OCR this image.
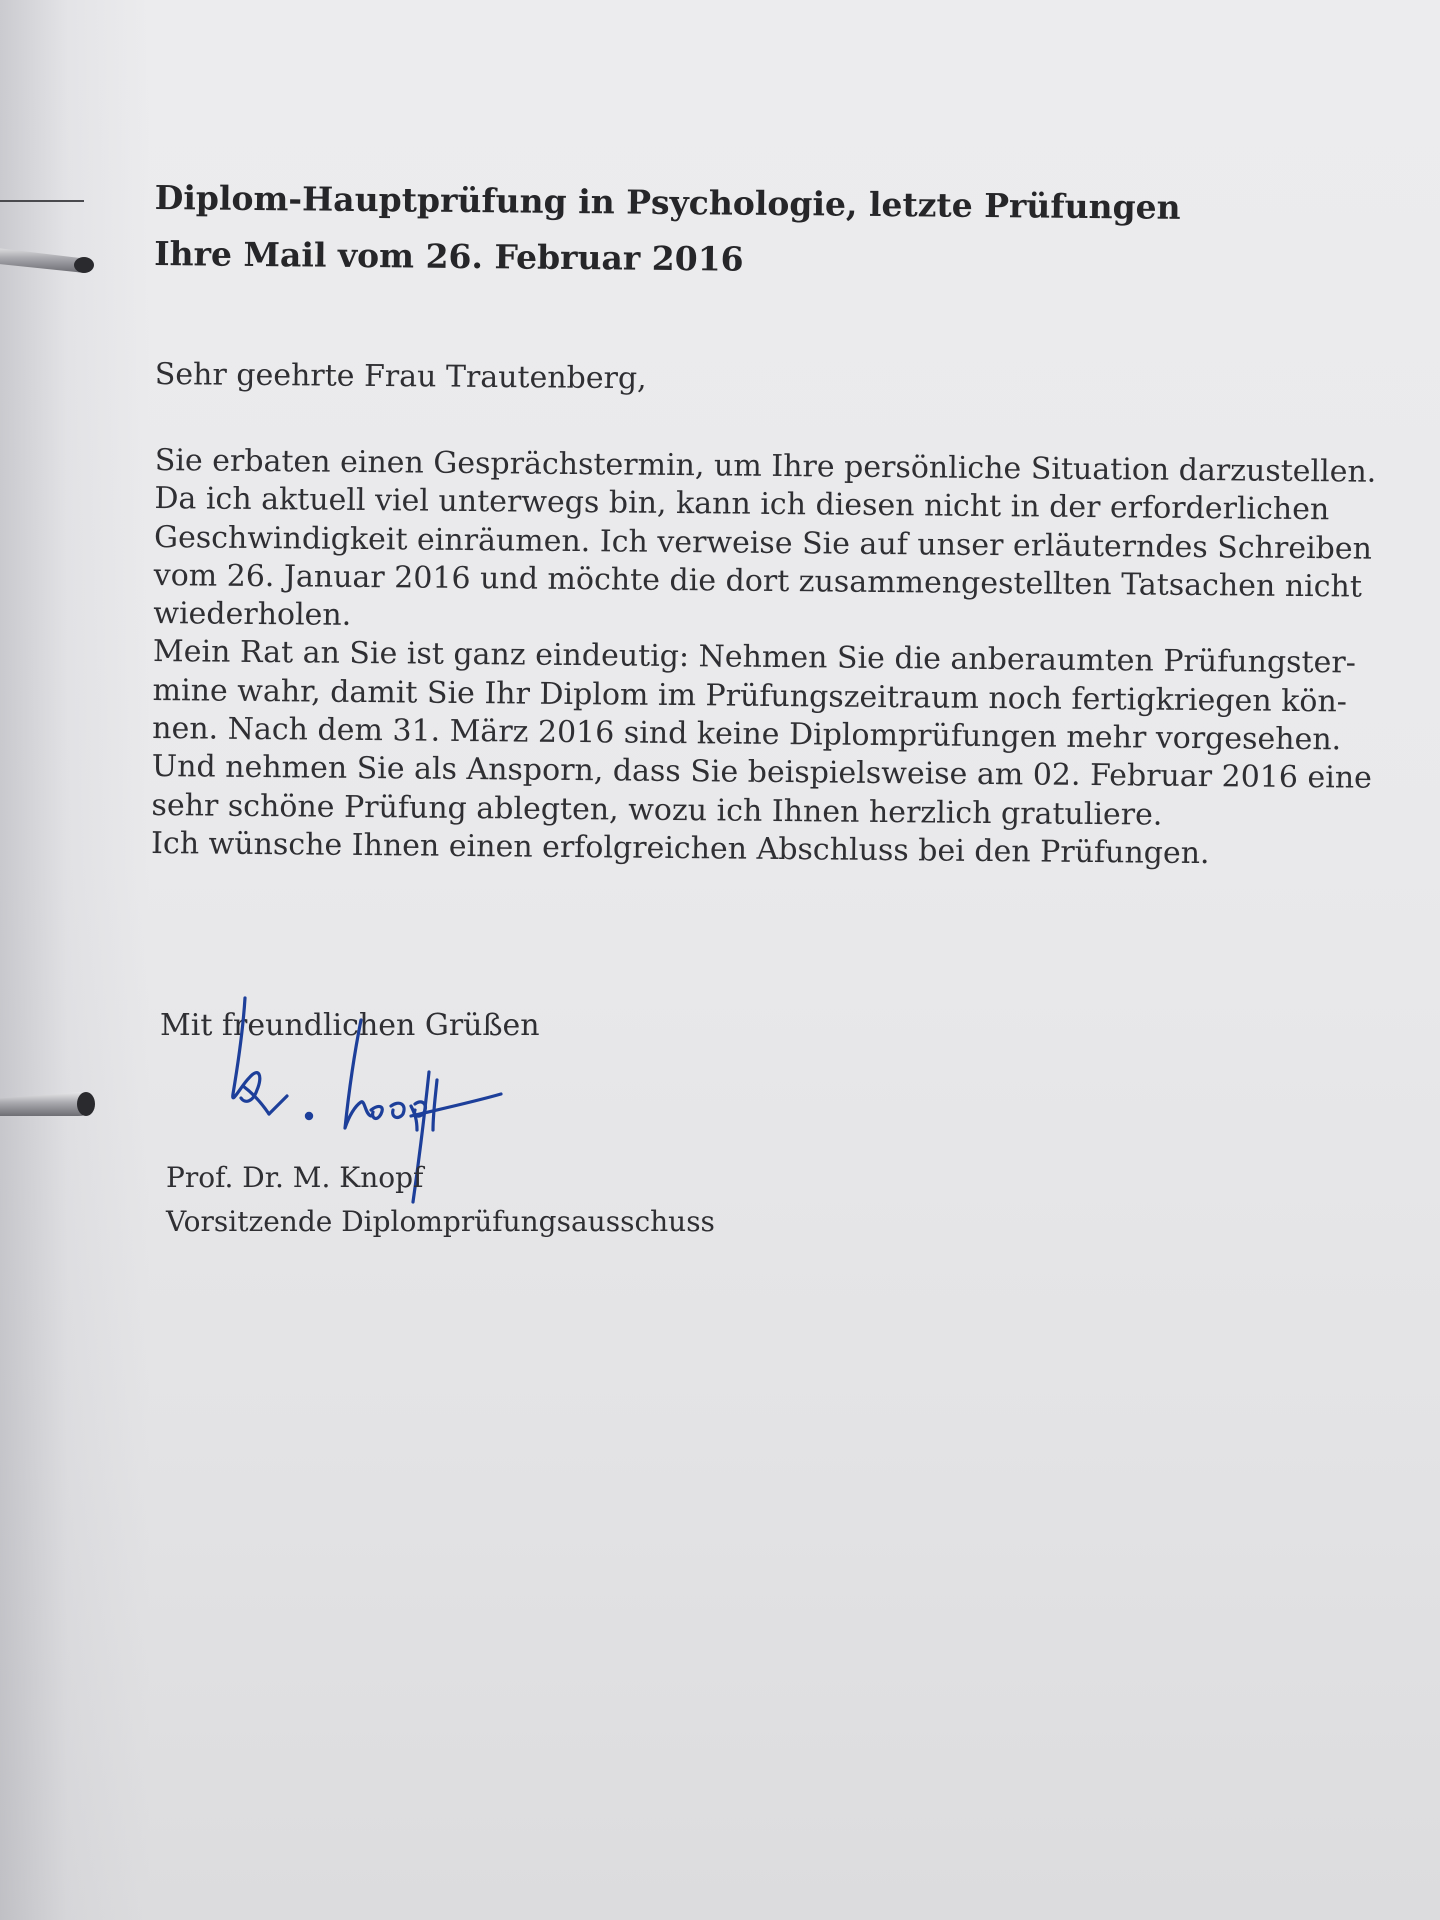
Diplom-Hauptprüfung in Psychologie, letzte Prüfungen
Ihre Mail vom 26. Februar 2016
Sehr geehrte Frau Trautenberg,
Sie erbaten einen Gesprächstermin, um Ihre persönliche Situation darzustellen.
Da ich aktuell viel unterwegs bin, kann ich diesen nicht in der erforderlichen
Geschwindigkeit einräumen. Ich verweise Sie auf unser erläuterndes Schreiben
vom 26. Januar 2016 und möchte die dort zusammengestellten Tatsachen nicht
wiederholen.
Mein Rat an Sie ist ganz eindeutig: Nehmen Sie die anberaumten Prüfungster-
mine wahr, damit Sie Ihr Diplom im Prüfungszeitraum noch fertigkriegen kön-
nen. Nach dem 31. März 2016 sind keine Diplomprüfungen mehr vorgesehen.
Und nehmen Sie als Ansporn, dass Sie beispielsweise am 02. Februar 2016 eine
sehr schöne Prüfung ablegten, wozu ich Ihnen herzlich gratuliere.
Ich wünsche Ihnen einen erfolgreichen Abschluss bei den Prüfungen.
Mit freundlichen Grüßen
Prof. Dr. M. Knopf
Vorsitzende Diplomprüfungsausschuss
